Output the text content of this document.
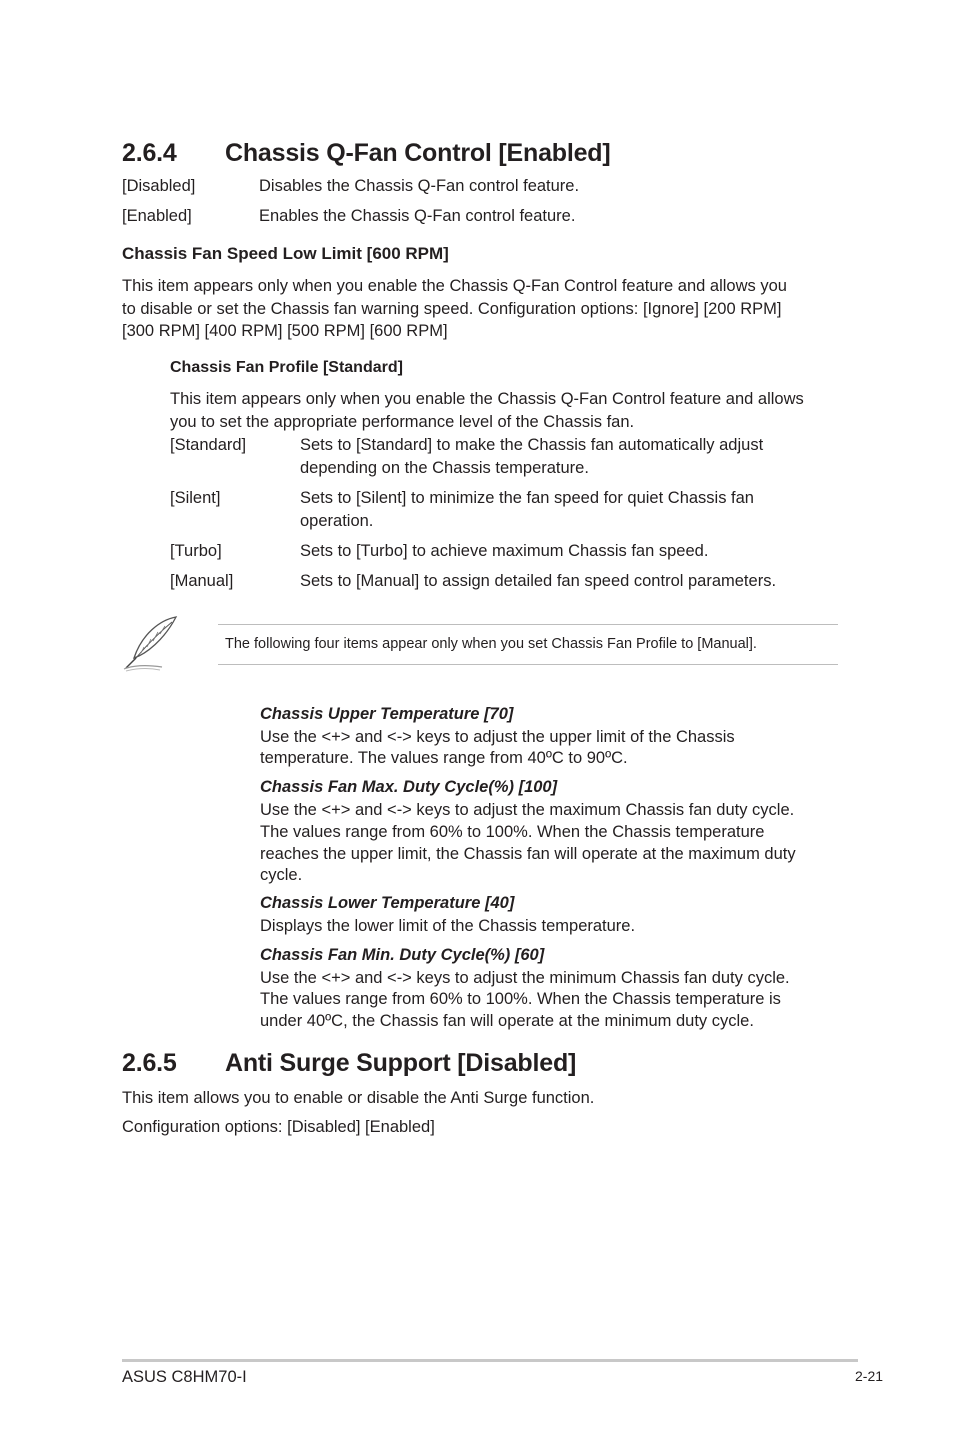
2.6.4 Chassis Q-Fan Control [Enabled]
[Disabled]	Disables the Chassis Q-Fan control feature.
[Enabled]	Enables the Chassis Q-Fan control feature.
Chassis Fan Speed Low Limit [600 RPM]
This item appears only when you enable the Chassis Q-Fan Control feature and allows you
to disable or set the Chassis fan warning speed. Configuration options: [Ignore] [200 RPM]
[300 RPM] [400 RPM] [500 RPM] [600 RPM]
Chassis Fan Profile [Standard]
This item appears only when you enable the Chassis Q-Fan Control feature and allows
you to set the appropriate performance level of the Chassis fan.
[Standard]	Sets to [Standard] to make the Chassis fan automatically adjust
depending on the Chassis temperature.
[Silent]	Sets to [Silent] to minimize the fan speed for quiet Chassis fan
operation.
[Turbo]	Sets to [Turbo] to achieve maximum Chassis fan speed.
[Manual]	Sets to [Manual] to assign detailed fan speed control parameters.
The following four items appear only when you set Chassis Fan Profile to [Manual].
Chassis Upper Temperature [70]
Use the <+> and <-> keys to adjust the upper limit of the Chassis
temperature. The values range from 40ºC to 90ºC.
Chassis Fan Max. Duty Cycle(%) [100]
Use the <+> and <-> keys to adjust the maximum Chassis fan duty cycle.
The values range from 60% to 100%. When the Chassis temperature
reaches the upper limit, the Chassis fan will operate at the maximum duty
cycle.
Chassis Lower Temperature [40]
Displays the lower limit of the Chassis temperature.
Chassis Fan Min. Duty Cycle(%) [60]
Use the <+> and <-> keys to adjust the minimum Chassis fan duty cycle.
The values range from 60% to 100%. When the Chassis temperature is
under 40ºC, the Chassis fan will operate at the minimum duty cycle.
2.6.5 Anti Surge Support [Disabled]
This item allows you to enable or disable the Anti Surge function.
Configuration options: [Disabled] [Enabled]
ASUS C8HM70-I	2-21
